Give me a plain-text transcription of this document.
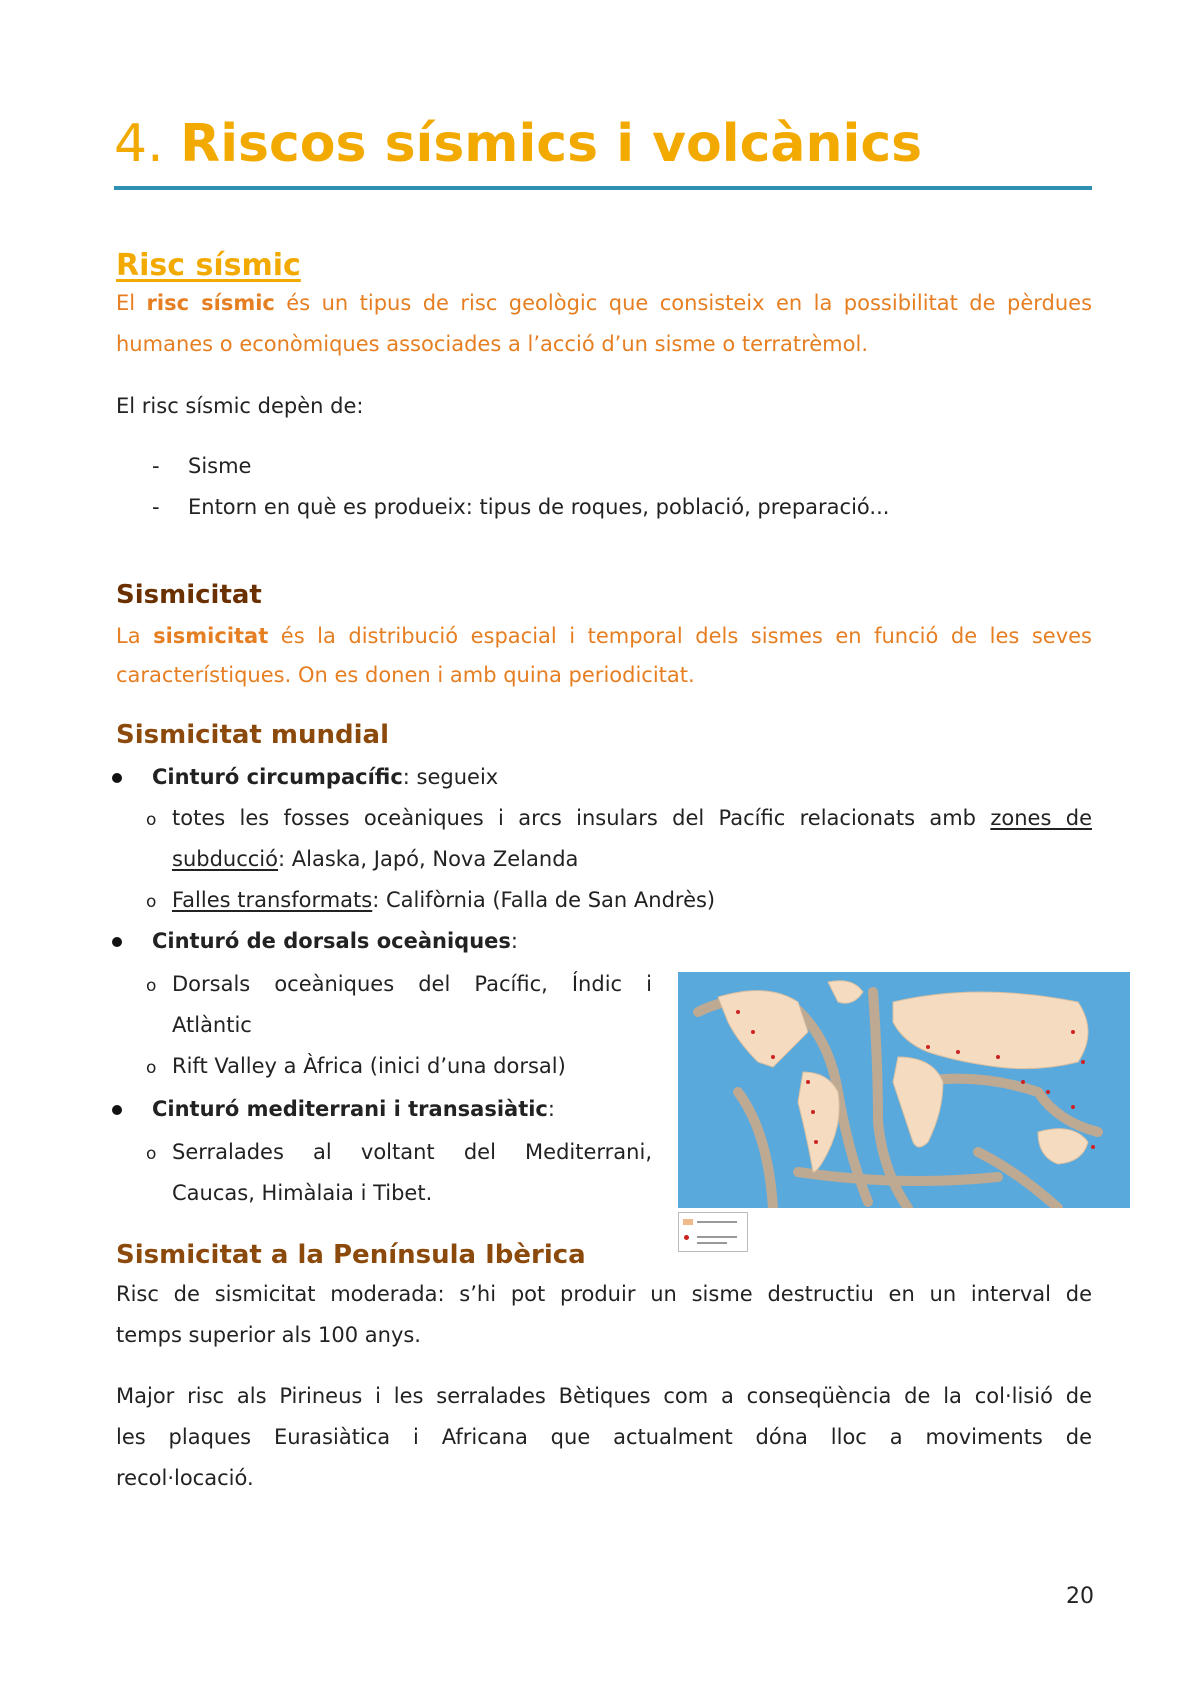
4. Riscos sísmics i volcànics
Risc sísmic
El risc sísmic és un tipus de risc geològic que consisteix en la possibilitat de pèrdues
humanes o econòmiques associades a l’acció d’un sisme o terratrèmol.
El risc sísmic depèn de:
- Sisme
- Entorn en què es produeix: tipus de roques, població, preparació...
Sismicitat
La sismicitat és la distribució espacial i temporal dels sismes en funció de les seves
característiques. On es donen i amb quina periodicitat.
Sismicitat mundial
Cinturó circumpacífic: segueix
o totes les fosses oceàniques i arcs insulars del Pacífic relacionats amb zones de
subducció: Alaska, Japó, Nova Zelanda
o Falles transformats: Califòrnia (Falla de San Andrès)
Cinturó de dorsals oceàniques:
o Dorsals oceàniques del Pacífic, Índic i
Atlàntic
o Rift Valley a Àfrica (inici d’una dorsal)
Cinturó mediterrani i transasiàtic:
o Serralades al voltant del Mediterrani,
Caucas, Himàlaia i Tibet.
Sismicitat a la Península Ibèrica
Risc de sismicitat moderada: s’hi pot produir un sisme destructiu en un interval de
temps superior als 100 anys.
Major risc als Pirineus i les serralades Bètiques com a conseqüència de la col·lisió de
les plaques Eurasiàtica i Africana que actualment dóna lloc a moviments de
recol·locació.
20
